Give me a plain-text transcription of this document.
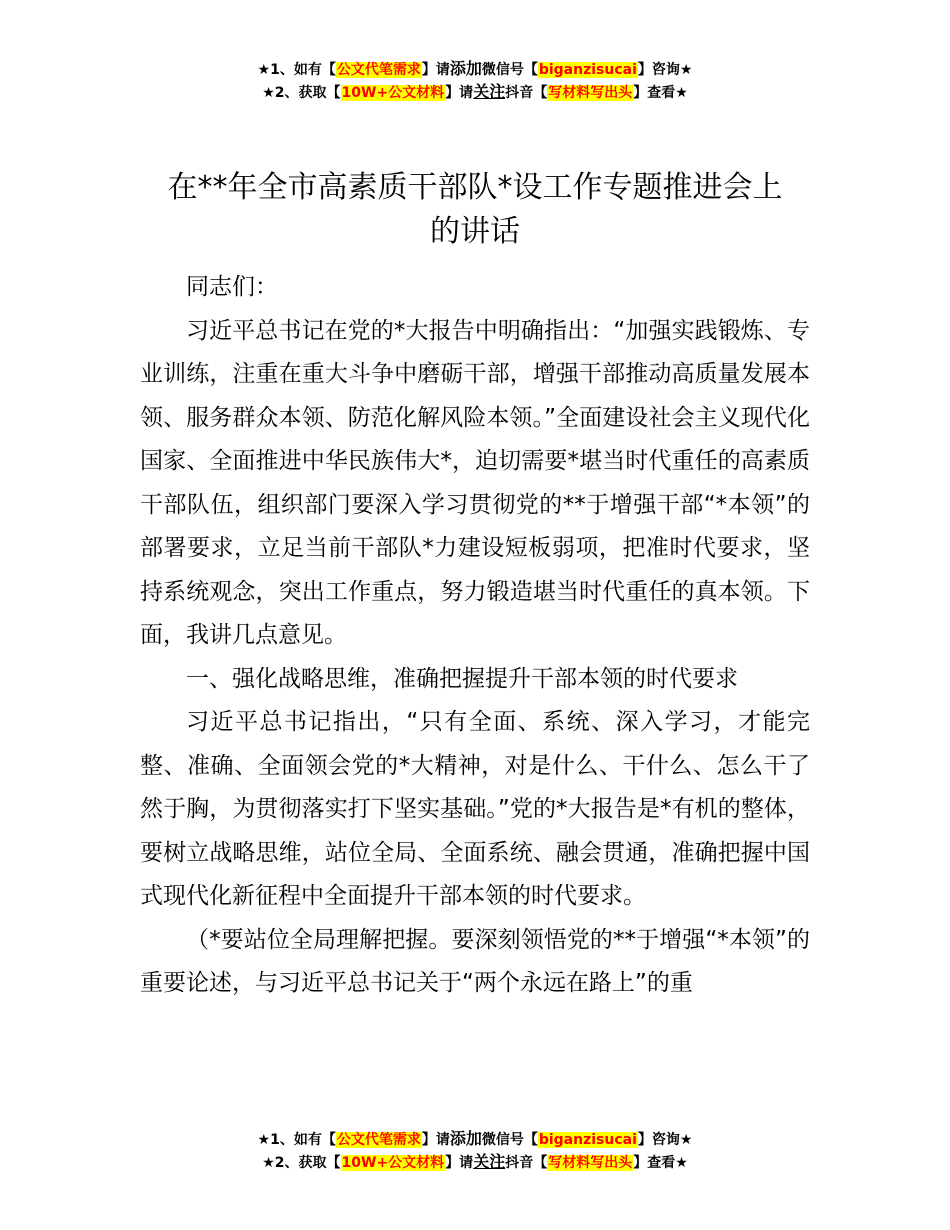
★1、如有【公文代笔需求】请添加微信号【biganzisucai】咨询★
★2、获取【10W+公文材料】请关注抖音【写材料写出头】查看★
在**年全市高素质干部队*设工作专题推进会上
的讲话

同志们：

习近平总书记在党的*大报告中明确指出：“加强实践锻炼、专业训练，注重在重大斗争中磨砺干部，增强干部推动高质量发展本领、服务群众本领、防范化解风险本领。”全面建设社会主义现代化国家、全面推进中华民族伟大*，迫切需要*堪当时代重任的高素质干部队伍，组织部门要深入学习贯彻党的**于增强干部“*本领”的部署要求，立足当前干部队*力建设短板弱项，把准时代要求，坚持系统观念，突出工作重点，努力锻造堪当时代重任的真本领。下面，我讲几点意见。

一、强化战略思维，准确把握提升干部本领的时代要求

习近平总书记指出，“只有全面、系统、深入学习，才能完整、准确、全面领会党的*大精神，对是什么、干什么、怎么干了然于胸，为贯彻落实打下坚实基础。”党的*大报告是*有机的整体，要树立战略思维，站位全局、全面系统、融会贯通，准确把握中国式现代化新征程中全面提升干部本领的时代要求。

（*要站位全局理解把握。要深刻领悟党的**于增强“*本领”的重要论述，与习近平总书记关于“两个永远在路上”的重

★1、如有【公文代笔需求】请添加微信号【biganzisucai】咨询★
★2、获取【10W+公文材料】请关注抖音【写材料写出头】查看★
